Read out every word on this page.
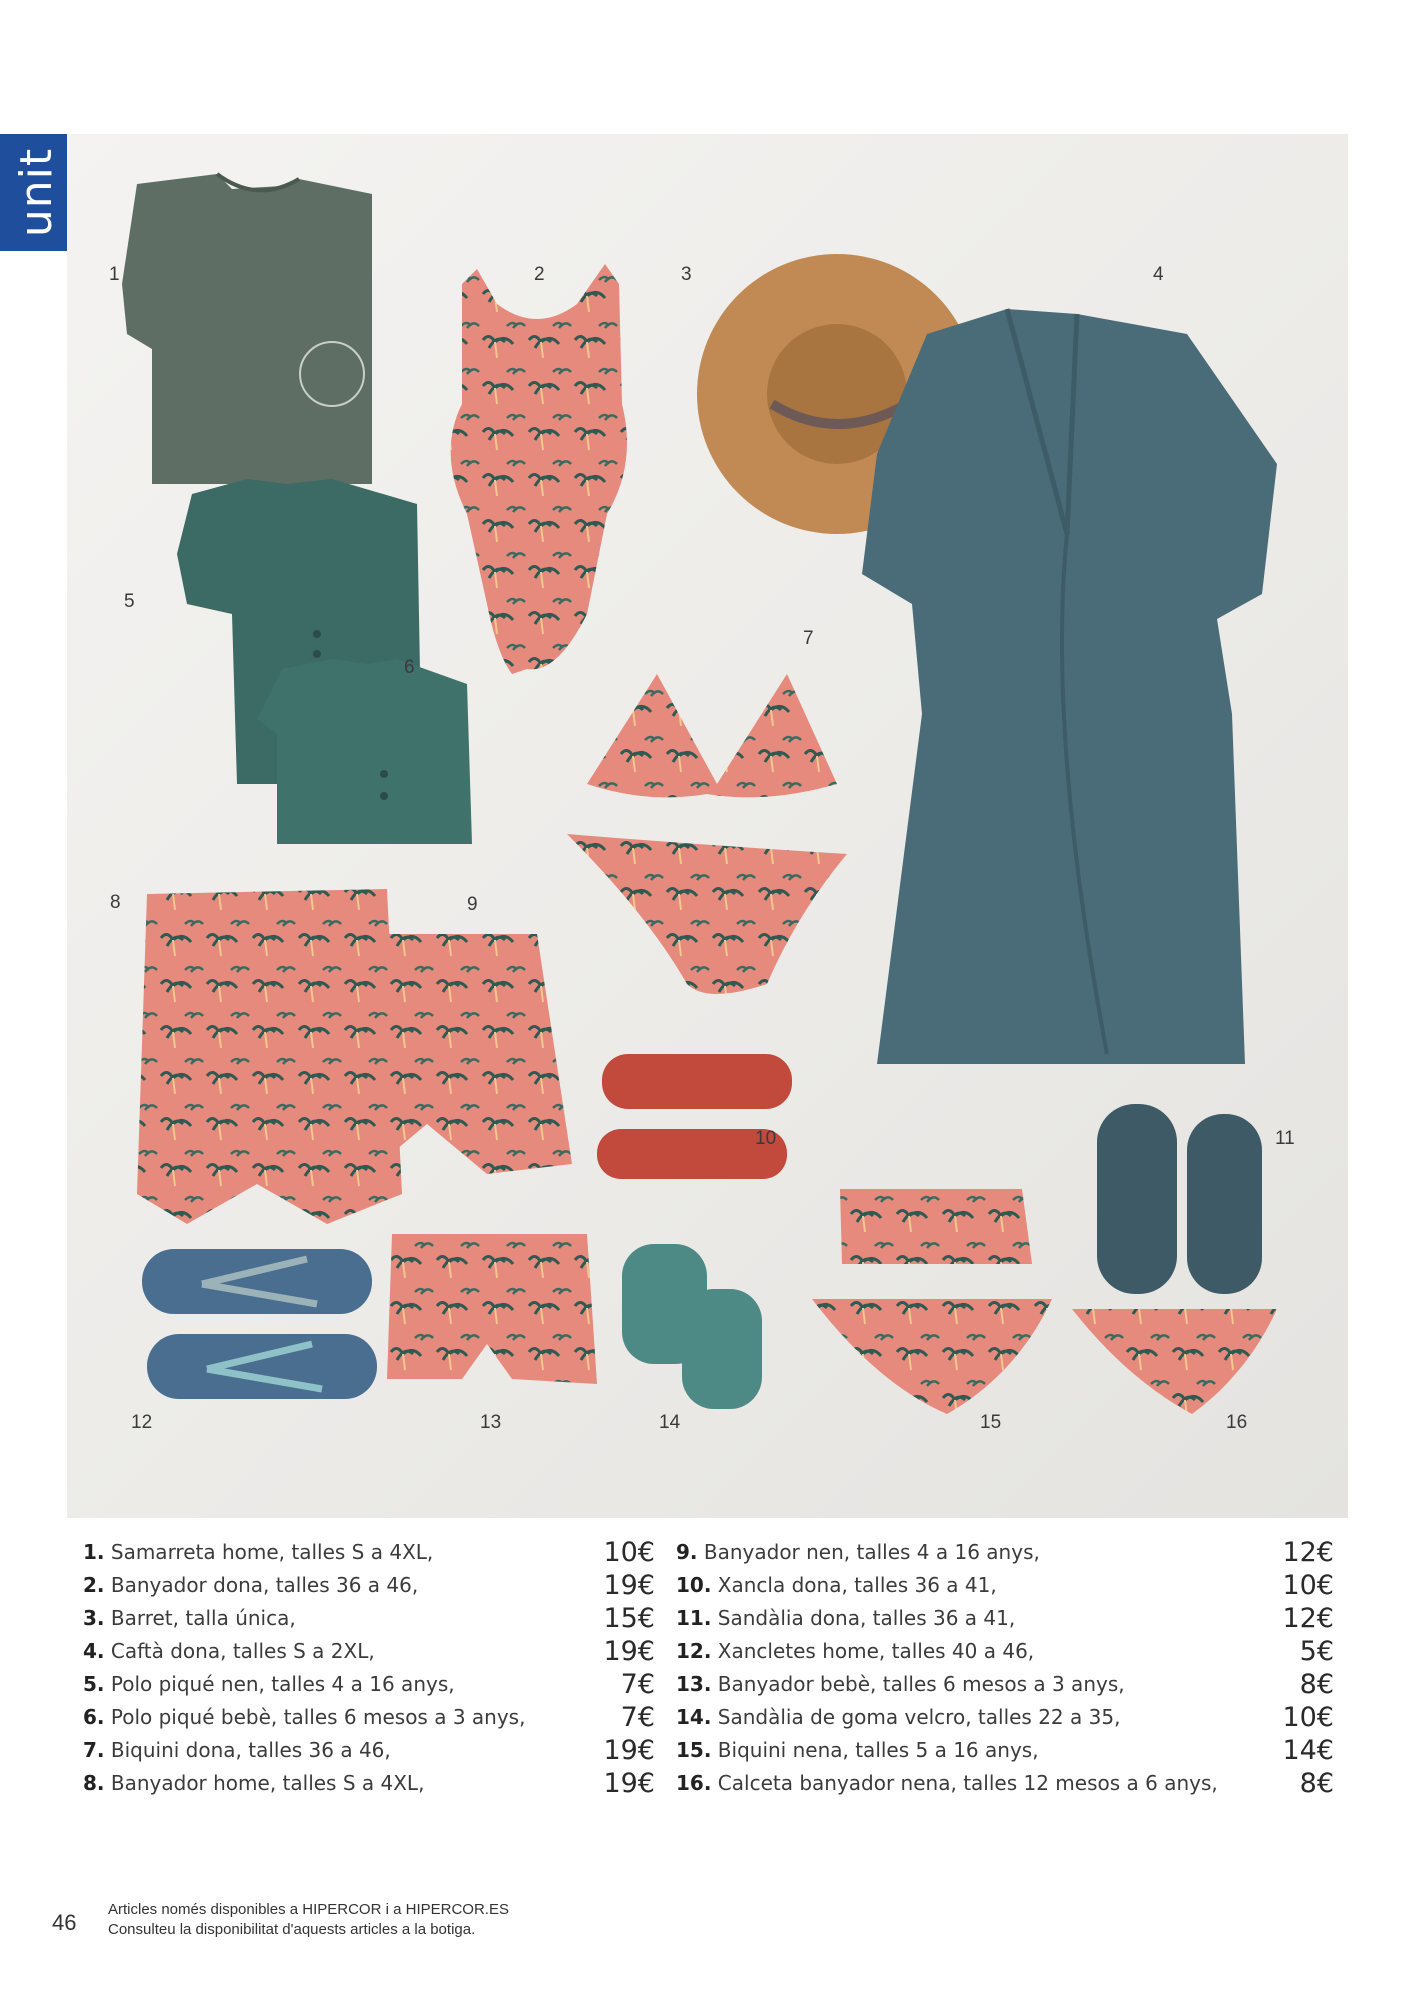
unit
1	2	3	4
5
6
7
8	9
10	11
12	13	14	15	16
1. Samarreta home, talles S a 4XL,	10€
2. Banyador dona, talles 36 a 46,	19€
3. Barret, talla única,	15€
4. Caftà dona, talles S a 2XL,	19€
5. Polo piqué nen, talles 4 a 16 anys,	7€
6. Polo piqué bebè, talles 6 mesos a 3 anys,	7€
7. Biquini dona, talles 36 a 46,	19€
8. Banyador home, talles S a 4XL,	19€
9. Banyador nen, talles 4 a 16 anys,	12€
10. Xancla dona, talles 36 a 41,	10€
11. Sandàlia dona, talles 36 a 41,	12€
12. Xancletes home, talles 40 a 46,	5€
13. Banyador bebè, talles 6 mesos a 3 anys,	8€
14. Sandàlia de goma velcro, talles 22 a 35,	10€
15. Biquini nena, talles 5 a 16 anys,	14€
16. Calceta banyador nena, talles 12 mesos a 6 anys,	8€
46
Articles només disponibles a HIPERCOR i a HIPERCOR.ES
Consulteu la disponibilitat d'aquests articles a la botiga.
